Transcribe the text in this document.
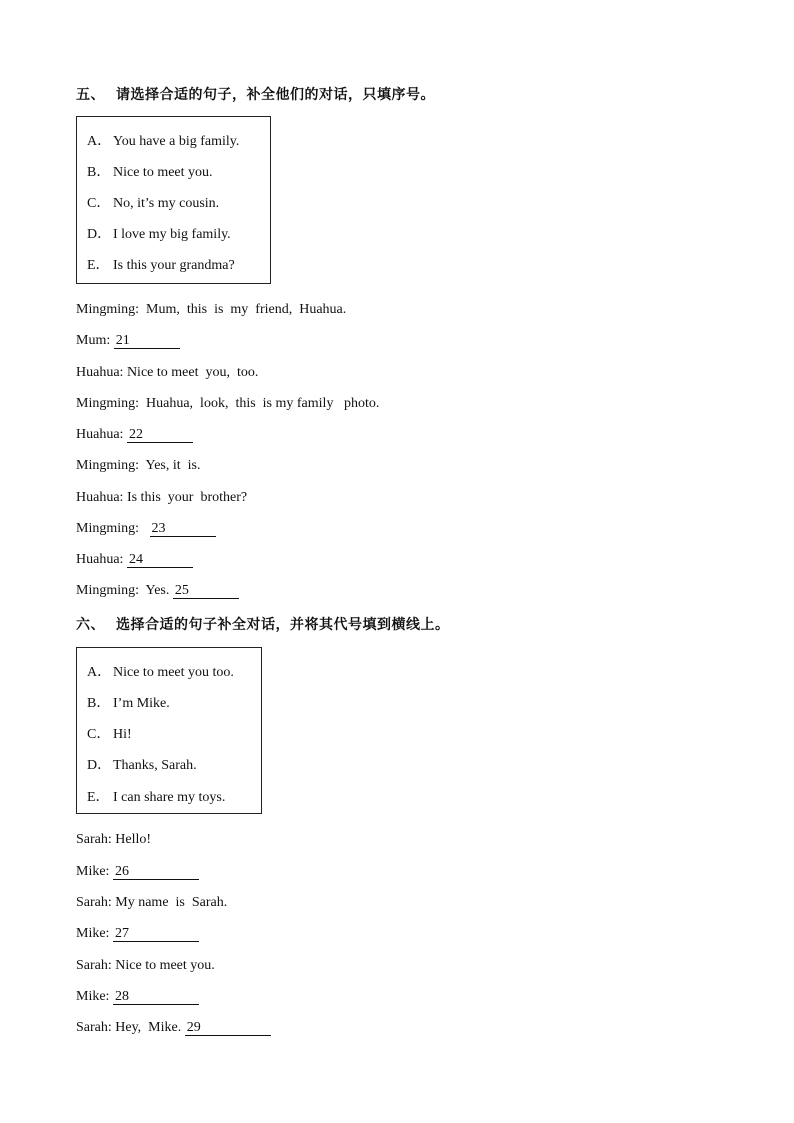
五、 请选择合适的句子，补全他们的对话，只填序号。
A． You have a big family.
B． Nice to meet you.
C． No, it’s my cousin.
D． I love my big family.
E． Is this your grandma?
Mingming:  Mum,  this  is  my  friend,  Huahua.
Mum: 21
Huahua: Nice to meet  you,  too.
Mingming:  Huahua,  look,  this  is my family   photo.
Huahua: 22
Mingming:  Yes, it  is.
Huahua: Is this  your  brother?
Mingming: 23
Huahua: 24
Mingming:  Yes. 25
六、 选择合适的句子补全对话，并将其代号填到横线上。
A． Nice to meet you too.
B． I’m Mike.
C． Hi!
D． Thanks, Sarah.
E． I can share my toys.
Sarah: Hello!
Mike: 26
Sarah: My name  is  Sarah.
Mike: 27
Sarah: Nice to meet you.
Mike: 28
Sarah: Hey,  Mike. 29
